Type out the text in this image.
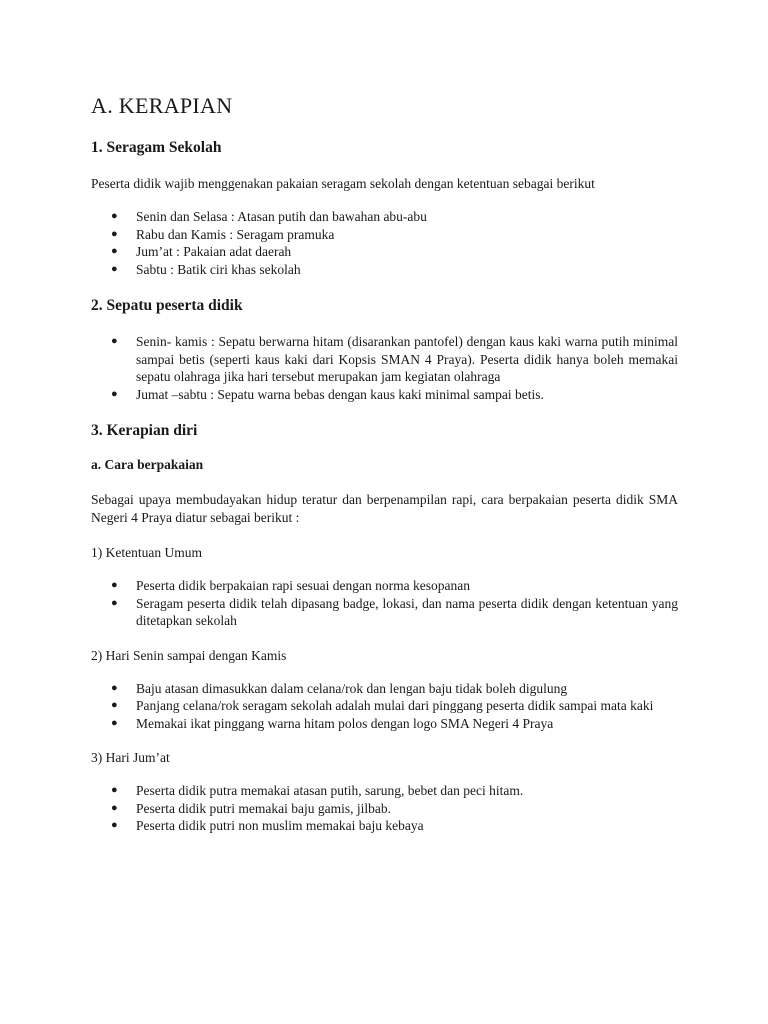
A. KERAPIAN
1. Seragam Sekolah

Peserta didik wajib menggenakan pakaian seragam sekolah dengan ketentuan sebagai berikut

● Senin dan Selasa : Atasan putih dan bawahan abu-abu
● Rabu dan Kamis : Seragam pramuka
● Jum’at : Pakaian adat daerah
● Sabtu : Batik ciri khas sekolah
2. Sepatu peserta didik
● Senin- kamis : Sepatu berwarna hitam (disarankan pantofel) dengan kaus kaki warna putih minimal sampai betis (seperti kaus kaki dari Kopsis SMAN 4 Praya). Peserta didik hanya boleh memakai sepatu olahraga jika hari tersebut merupakan jam kegiatan olahraga
● Jumat –sabtu : Sepatu warna bebas dengan kaus kaki minimal sampai betis.
3. Kerapian diri
a. Cara berpakaian

Sebagai upaya membudayakan hidup teratur dan berpenampilan rapi, cara berpakaian peserta didik SMA Negeri 4 Praya diatur sebagai berikut :

1) Ketentuan Umum

● Peserta didik berpakaian rapi sesuai dengan norma kesopanan
● Seragam peserta didik telah dipasang badge, lokasi, dan nama peserta didik dengan ketentuan yang ditetapkan sekolah

2) Hari Senin sampai dengan Kamis

● Baju atasan dimasukkan dalam celana/rok dan lengan baju tidak boleh digulung
● Panjang celana/rok seragam sekolah adalah mulai dari pinggang peserta didik sampai mata kaki
● Memakai ikat pinggang warna hitam polos dengan logo SMA Negeri 4 Praya

3) Hari Jum’at

● Peserta didik putra memakai atasan putih, sarung, bebet dan peci hitam.
● Peserta didik putri memakai baju gamis, jilbab.
● Peserta didik putri non muslim memakai baju kebaya
